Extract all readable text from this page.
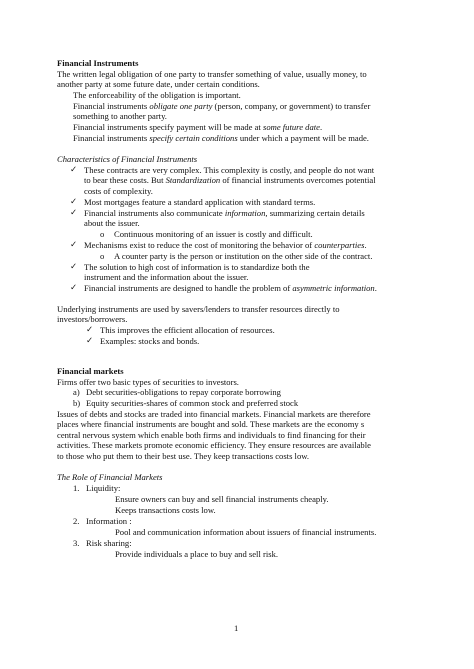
Financial Instruments
The written legal obligation of one party to transfer something of value, usually money, to
another party at some future date, under certain conditions.
The enforceability of the obligation is important.
Financial instruments obligate one party (person, company, or government) to transfer
something to another party.
Financial instruments specify payment will be made at some future date.
Financial instruments specify certain conditions under which a payment will be made.
Characteristics of Financial Instruments
✓ These contracts are very complex. This complexity is costly, and people do not want
to bear these costs. But Standardization of financial instruments overcomes potential
costs of complexity.
✓ Most mortgages feature a standard application with standard terms.
✓ Financial instruments also communicate information, summarizing certain details
about the issuer.
o Continuous monitoring of an issuer is costly and difficult.
✓ Mechanisms exist to reduce the cost of monitoring the behavior of counterparties.
o A counter party is the person or institution on the other side of the contract.
✓ The solution to high cost of information is to standardize both the
instrument and the information about the issuer.
✓ Financial instruments are designed to handle the problem of asymmetric information.
Underlying instruments are used by savers/lenders to transfer resources directly to
investors/borrowers.
✓ This improves the efficient allocation of resources.
✓ Examples: stocks and bonds.
Financial markets
Firms offer two basic types of securities to investors.
a) Debt securities-obligations to repay corporate borrowing
b) Equity securities-shares of common stock and preferred stock
Issues of debts and stocks are traded into financial markets. Financial markets are therefore
places where financial instruments are bought and sold. These markets are the economy s
central nervous system which enable both firms and individuals to find financing for their
activities. These markets promote economic efficiency. They ensure resources are available
to those who put them to their best use. They keep transactions costs low.
The Role of Financial Markets
1. Liquidity:
Ensure owners can buy and sell financial instruments cheaply.
Keeps transactions costs low.
2. Information :
Pool and communication information about issuers of financial instruments.
3. Risk sharing:
Provide individuals a place to buy and sell risk.
1
